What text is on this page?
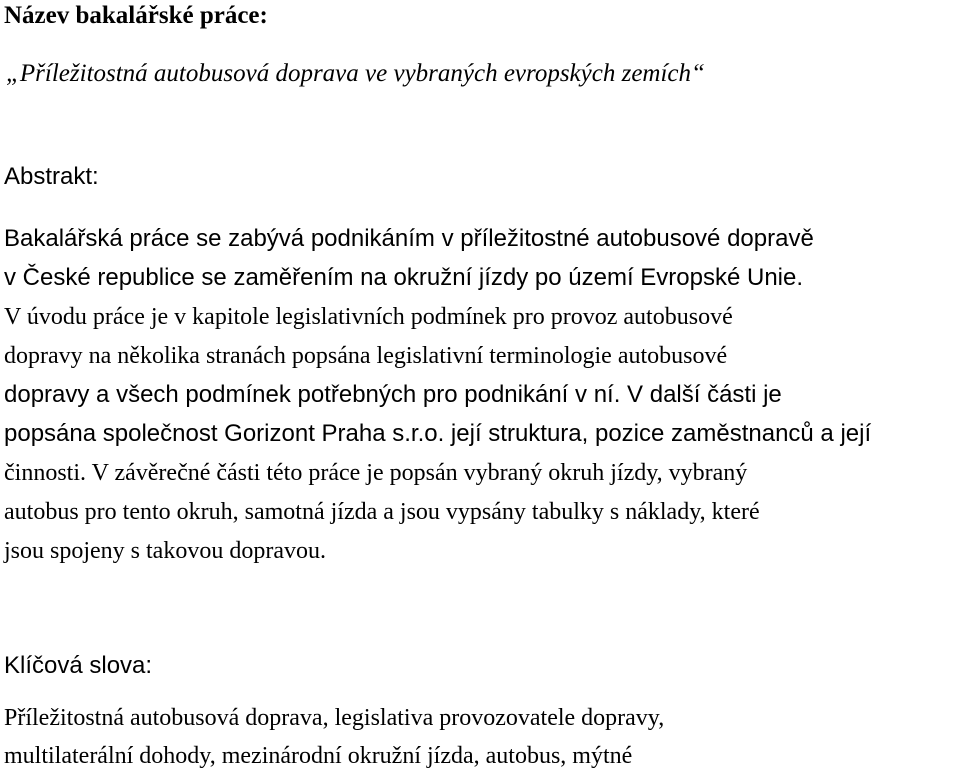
Název bakalářské práce:
„Příležitostná autobusová doprava ve vybraných evropských zemích“
Abstrakt:
Bakalářská práce se zabývá podnikáním v příležitostné autobusové dopravě
v České republice se zaměřením na okružní jízdy po území Evropské Unie.
V úvodu práce je v kapitole legislativních podmínek pro provoz autobusové
dopravy na několika stranách popsána legislativní terminologie autobusové
dopravy a všech podmínek potřebných pro podnikání v ní. V další části je
popsána společnost Gorizont Praha s.r.o. její struktura, pozice zaměstnanců a její
činnosti. V závěrečné části této práce je popsán vybraný okruh jízdy, vybraný
autobus pro tento okruh, samotná jízda a jsou vypsány tabulky s náklady, které
jsou spojeny s takovou dopravou.
Klíčová slova:
Příležitostná autobusová doprava, legislativa provozovatele dopravy,
multilaterální dohody, mezinárodní okružní jízda, autobus, mýtné
